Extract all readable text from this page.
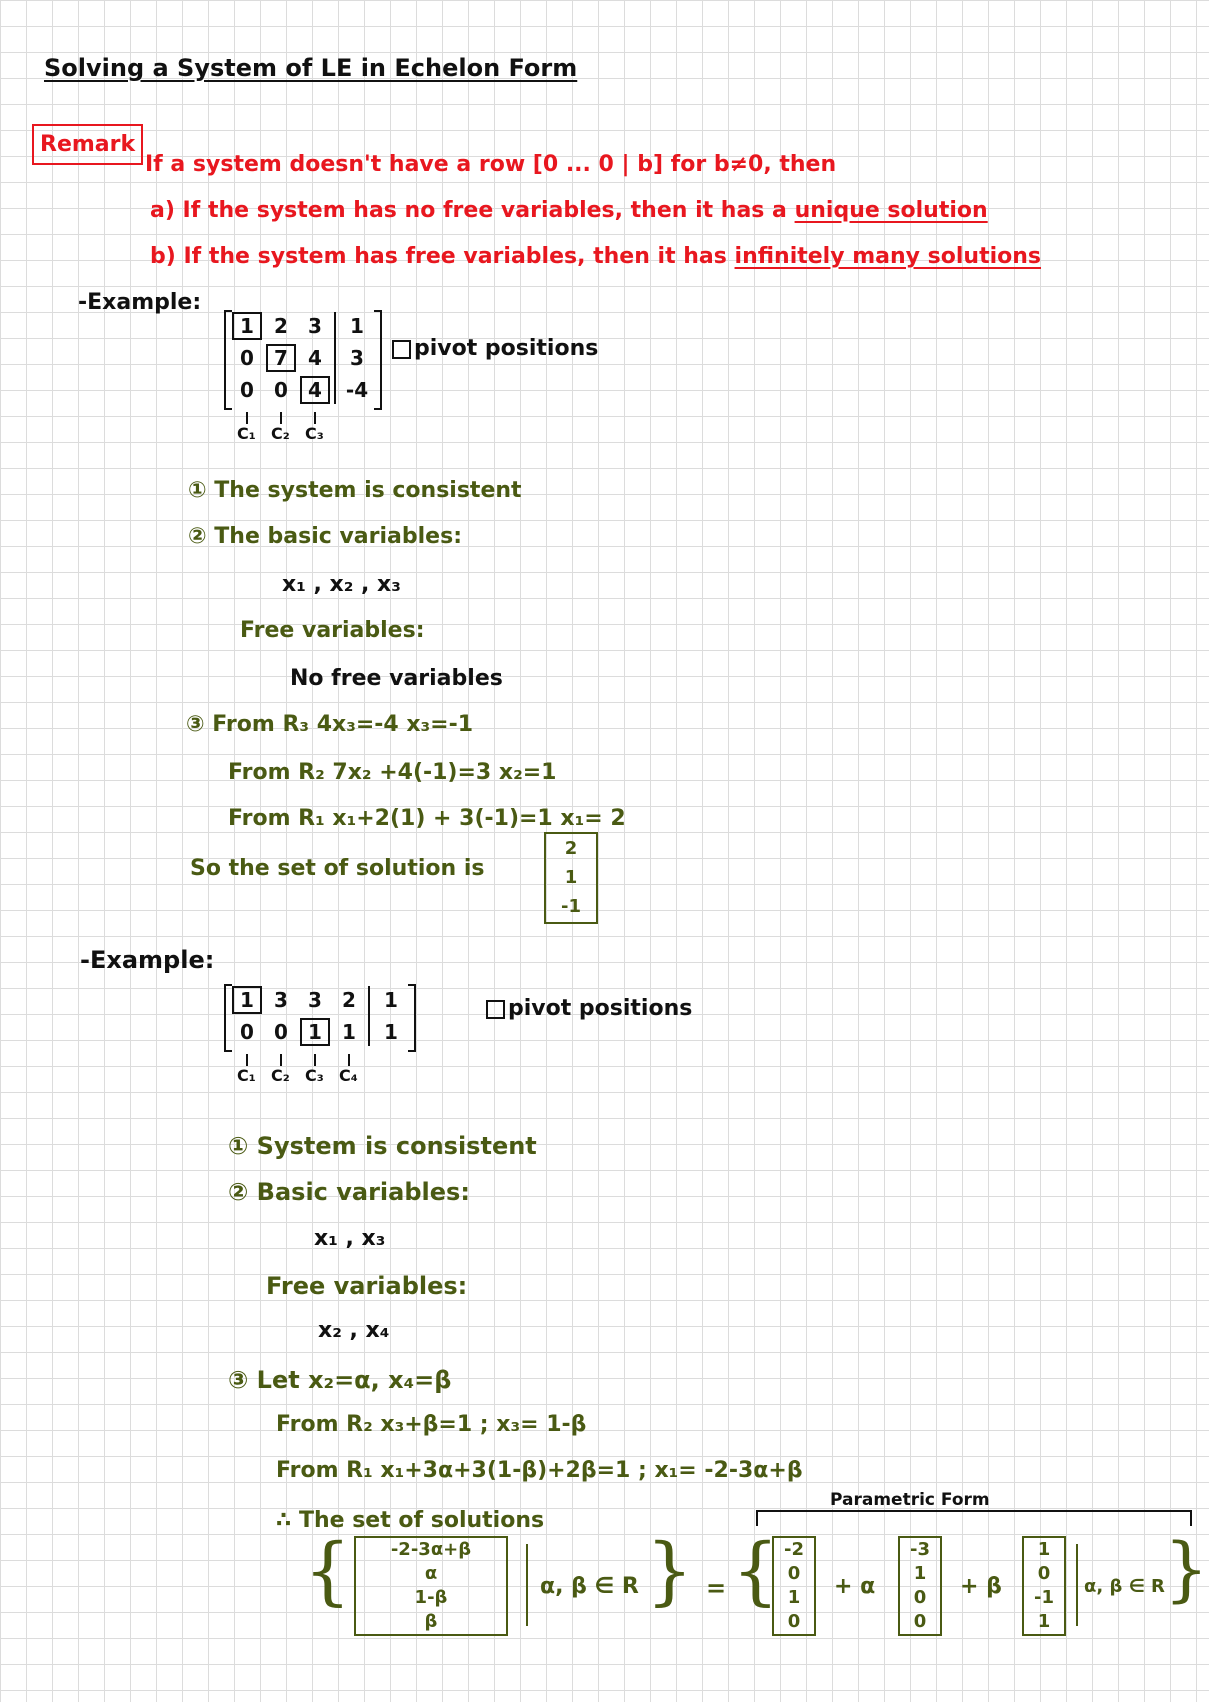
Solving a System of LE in Echelon Form
Remark
If a system doesn't have a row [0 ... 0 | b] for b≠0, then
a) If the system has no free variables, then it has a unique solution
b) If the system has free variables, then it has infinitely many solutions
-Example:
1	2	3	1
0	7	4	3
0	0	4	-4
C₁ C₂ C₃
pivot positions
① The system is consistent
② The basic variables:
x₁ , x₂ , x₃
Free variables:
No free variables
③ From R₃ 4x₃=-4 x₃=-1
From R₂ 7x₂ +4(-1)=3 x₂=1
From R₁ x₁+2(1) + 3(-1)=1 x₁= 2
So the set of solution is
2
1
-1
-Example:
1	3	3	2	1
0	0	1	1	1
C₁ C₂ C₃ C₄
pivot positions
① System is consistent
② Basic variables:
x₁ , x₃
Free variables:
x₂ , x₄
③ Let x₂=α, x₄=β
From R₂ x₃+β=1 ; x₃= 1-β
From R₁ x₁+3α+3(1-β)+2β=1 ; x₁= -2-3α+β
Parametric Form
∴ The set of solutions
{ -2-3α+β
α
1-β
β
α, β ∈ R } = { -2
0
1
0
+ α
-3
1
0
0
+ β
1
0
-1
1
α, β ∈ R }
